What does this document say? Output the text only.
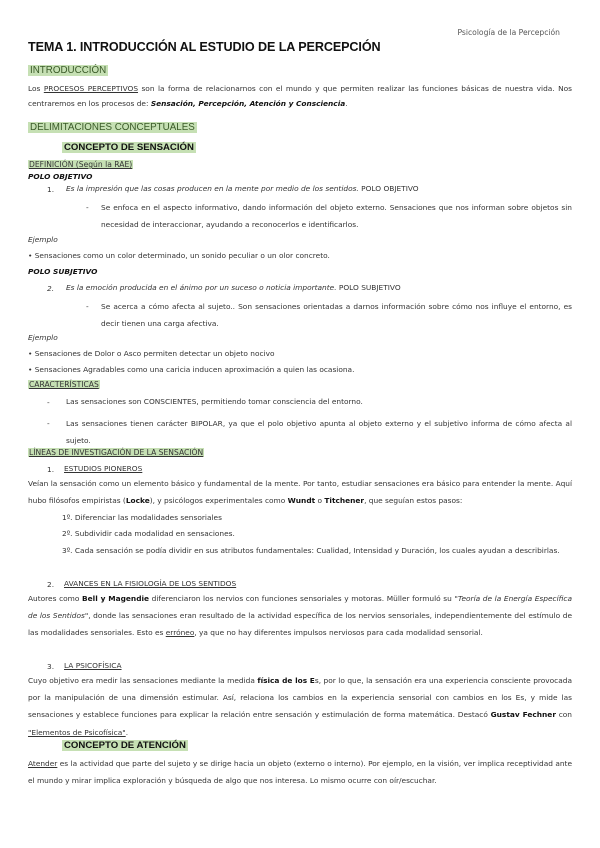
Psicología de la Percepción
TEMA 1. INTRODUCCIÓN AL ESTUDIO DE LA PERCEPCIÓN
INTRODUCCIÓN
Los PROCESOS PERCEPTIVOS son la forma de relacionarnos con el mundo y que permiten realizar las funciones básicas de nuestra vida. Nos centraremos en los procesos de: Sensación, Percepción, Atención y Consciencia.
DELIMITACIONES CONCEPTUALES
CONCEPTO DE SENSACIÓN
DEFINICIÓN (Según la RAE)
POLO OBJETIVO
1. Es la impresión que las cosas producen en la mente por medio de los sentidos. POLO OBJETIVO
- Se enfoca en el aspecto informativo, dando información del objeto externo. Sensaciones que nos informan sobre objetos sin necesidad de interaccionar, ayudando a reconocerlos e identificarlos.
Ejemplo
• Sensaciones como un color determinado, un sonido peculiar o un olor concreto.
POLO SUBJETIVO
2. Es la emoción producida en el ánimo por un suceso o noticia importante. POLO SUBJETIVO
- Se acerca a cómo afecta al sujeto.. Son sensaciones orientadas a darnos información sobre cómo nos influye el entorno, es decir tienen una carga afectiva.
Ejemplo
• Sensaciones de Dolor o Asco permiten detectar un objeto nocivo
• Sensaciones Agradables como una caricia inducen aproximación a quien las ocasiona.
CARACTERÍSTICAS
- Las sensaciones son CONSCIENTES, permitiendo tomar consciencia del entorno.
- Las sensaciones tienen carácter BIPOLAR, ya que el polo objetivo apunta al objeto externo y el subjetivo informa de cómo afecta al sujeto.
LÍNEAS DE INVESTIGACIÓN DE LA SENSACIÓN
1. ESTUDIOS PIONEROS
Veían la sensación como un elemento básico y fundamental de la mente. Por tanto, estudiar sensaciones era básico para entender la mente. Aquí hubo filósofos empiristas (Locke), y psicólogos experimentales como Wundt o Titchener, que seguían estos pasos:
1º. Diferenciar las modalidades sensoriales
2º. Subdividir cada modalidad en sensaciones.
3º. Cada sensación se podía dividir en sus atributos fundamentales: Cualidad, Intensidad y Duración, los cuales ayudan a describirlas.
2. AVANCES EN LA FISIOLOGÍA DE LOS SENTIDOS
Autores como Bell y Magendie diferenciaron los nervios con funciones sensoriales y motoras. Müller formuló su "Teoría de la Energía Específica de los Sentidos", donde las sensaciones eran resultado de la actividad específica de los nervios sensoriales, independientemente del estímulo de las modalidades sensoriales. Esto es erróneo, ya que no hay diferentes impulsos nerviosos para cada modalidad sensorial.
3. LA PSICOFÍSICA
Cuyo objetivo era medir las sensaciones mediante la medida física de los Es, por lo que, la sensación era una experiencia consciente provocada por la manipulación de una dimensión estimular. Así, relaciona los cambios en la experiencia sensorial con cambios en los Es, y mide las sensaciones y establece funciones para explicar la relación entre sensación y estimulación de forma matemática. Destacó Gustav Fechner con "Elementos de Psicofísica".
CONCEPTO DE ATENCIÓN
Atender es la actividad que parte del sujeto y se dirige hacia un objeto (externo o interno). Por ejemplo, en la visión, ver implica receptividad ante el mundo y mirar implica exploración y búsqueda de algo que nos interesa. Lo mismo ocurre con oír/escuchar.
